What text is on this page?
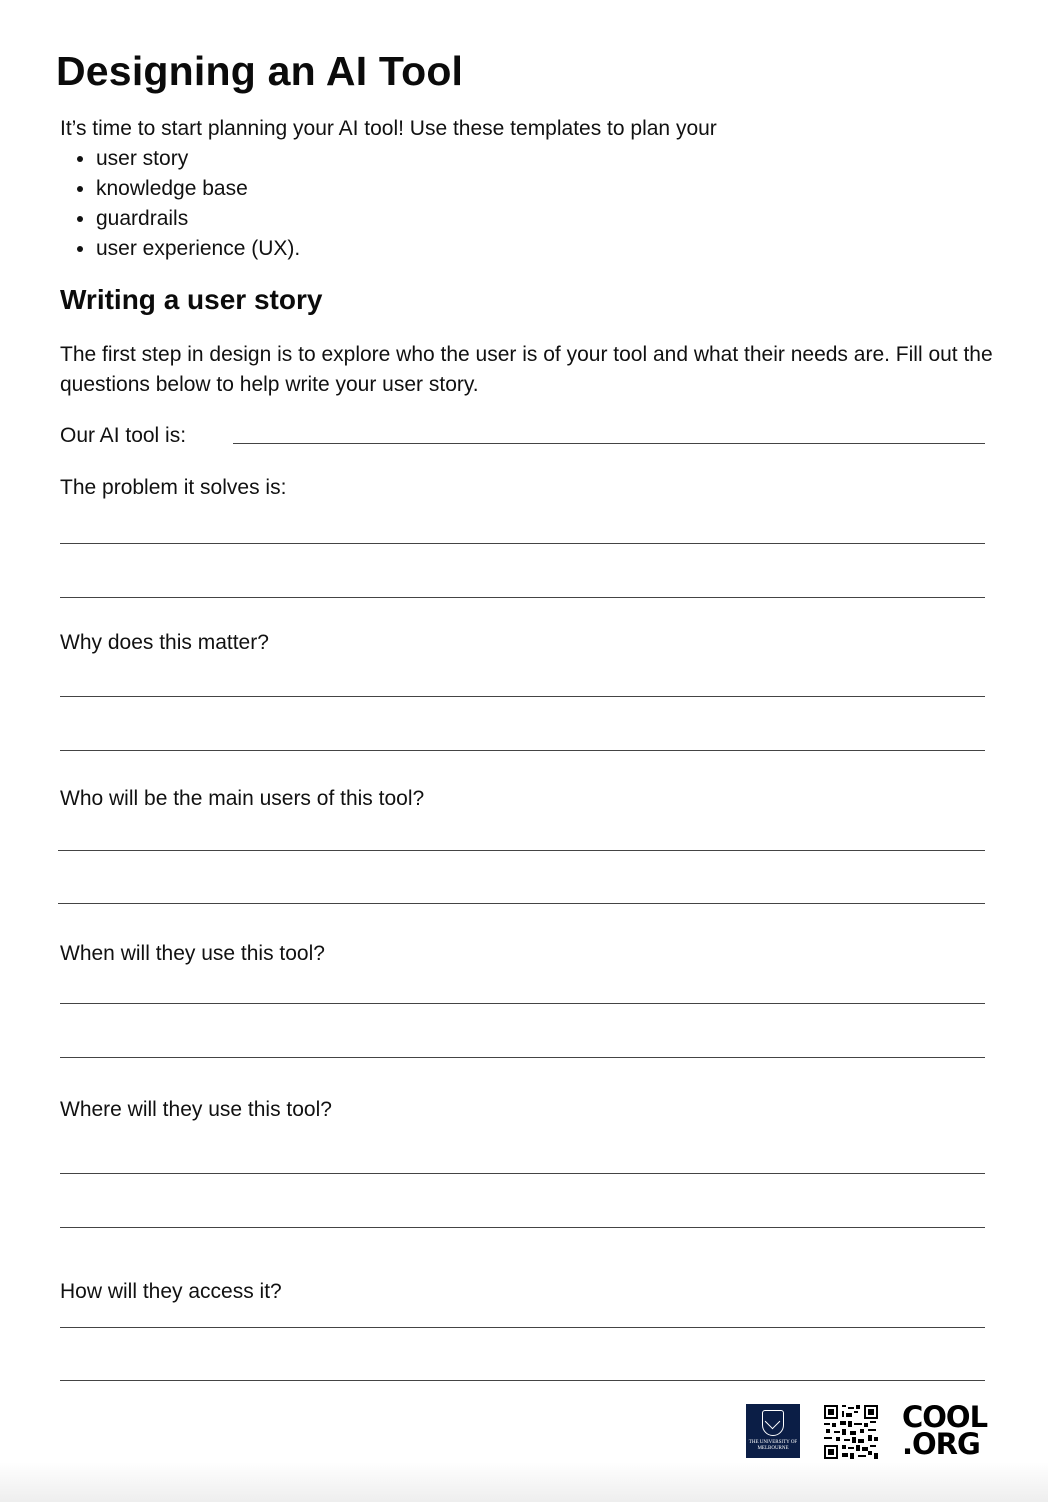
Designing an AI Tool
It’s time to start planning your AI tool! Use these templates to plan your
• user story
• knowledge base
• guardrails
• user experience (UX).
Writing a user story
The first step in design is to explore who the user is of your tool and what their needs are. Fill out the questions below to help write your user story.
Our AI tool is:
The problem it solves is:
Why does this matter?
Who will be the main users of this tool?
When will they use this tool?
Where will they use this tool?
How will they access it?
THE UNIVERSITY OF
MELBOURNE
COOL
.ORG
